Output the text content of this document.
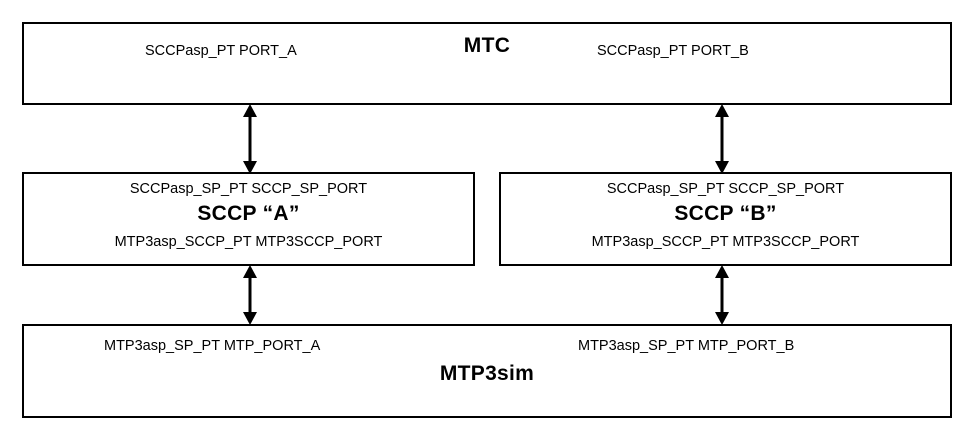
MTC
SCCPasp_PT PORT_A	SCCPasp_PT PORT_B
SCCPasp_SP_PT SCCP_SP_PORT
SCCP “A”
MTP3asp_SCCP_PT MTP3SCCP_PORT
SCCPasp_SP_PT SCCP_SP_PORT
SCCP “B”
MTP3asp_SCCP_PT MTP3SCCP_PORT
MTP3sim
MTP3asp_SP_PT MTP_PORT_A	MTP3asp_SP_PT MTP_PORT_B
